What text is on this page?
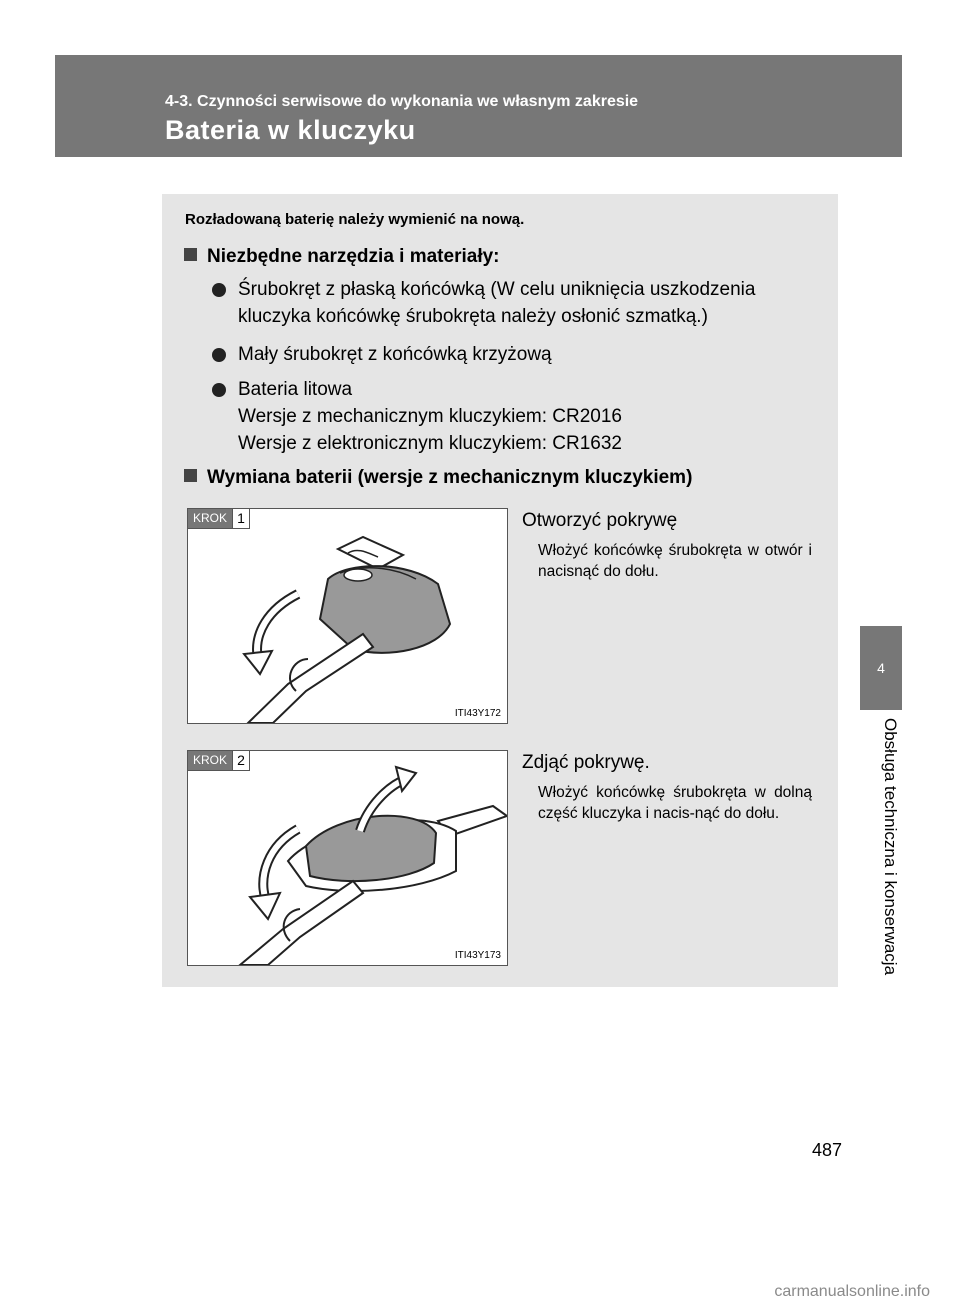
4-3. Czynności serwisowe do wykonania we własnym zakresie
Bateria w kluczyku
4
Obsługa techniczna i konserwacja
Rozładowaną baterię należy wymienić na nową.
Niezbędne narzędzia i materiały:
Śrubokręt z płaską końcówką (W celu uniknięcia uszkodzenia
kluczyka końcówkę śrubokręta należy osłonić szmatką.)
Mały śrubokręt z końcówką krzyżową
Bateria litowa
Wersje z mechanicznym kluczykiem: CR2016
Wersje z elektronicznym kluczykiem: CR1632
Wymiana baterii (wersje z mechanicznym kluczykiem)
KROK 1
ITI43Y172
Otworzyć pokrywę
Włożyć końcówkę śrubokręta w otwór i nacisnąć do dołu.
KROK 2
ITI43Y173
Zdjąć pokrywę.
Włożyć końcówkę śrubokręta w dolną część kluczyka i nacis-nąć do dołu.
487
carmanualsonline.info
